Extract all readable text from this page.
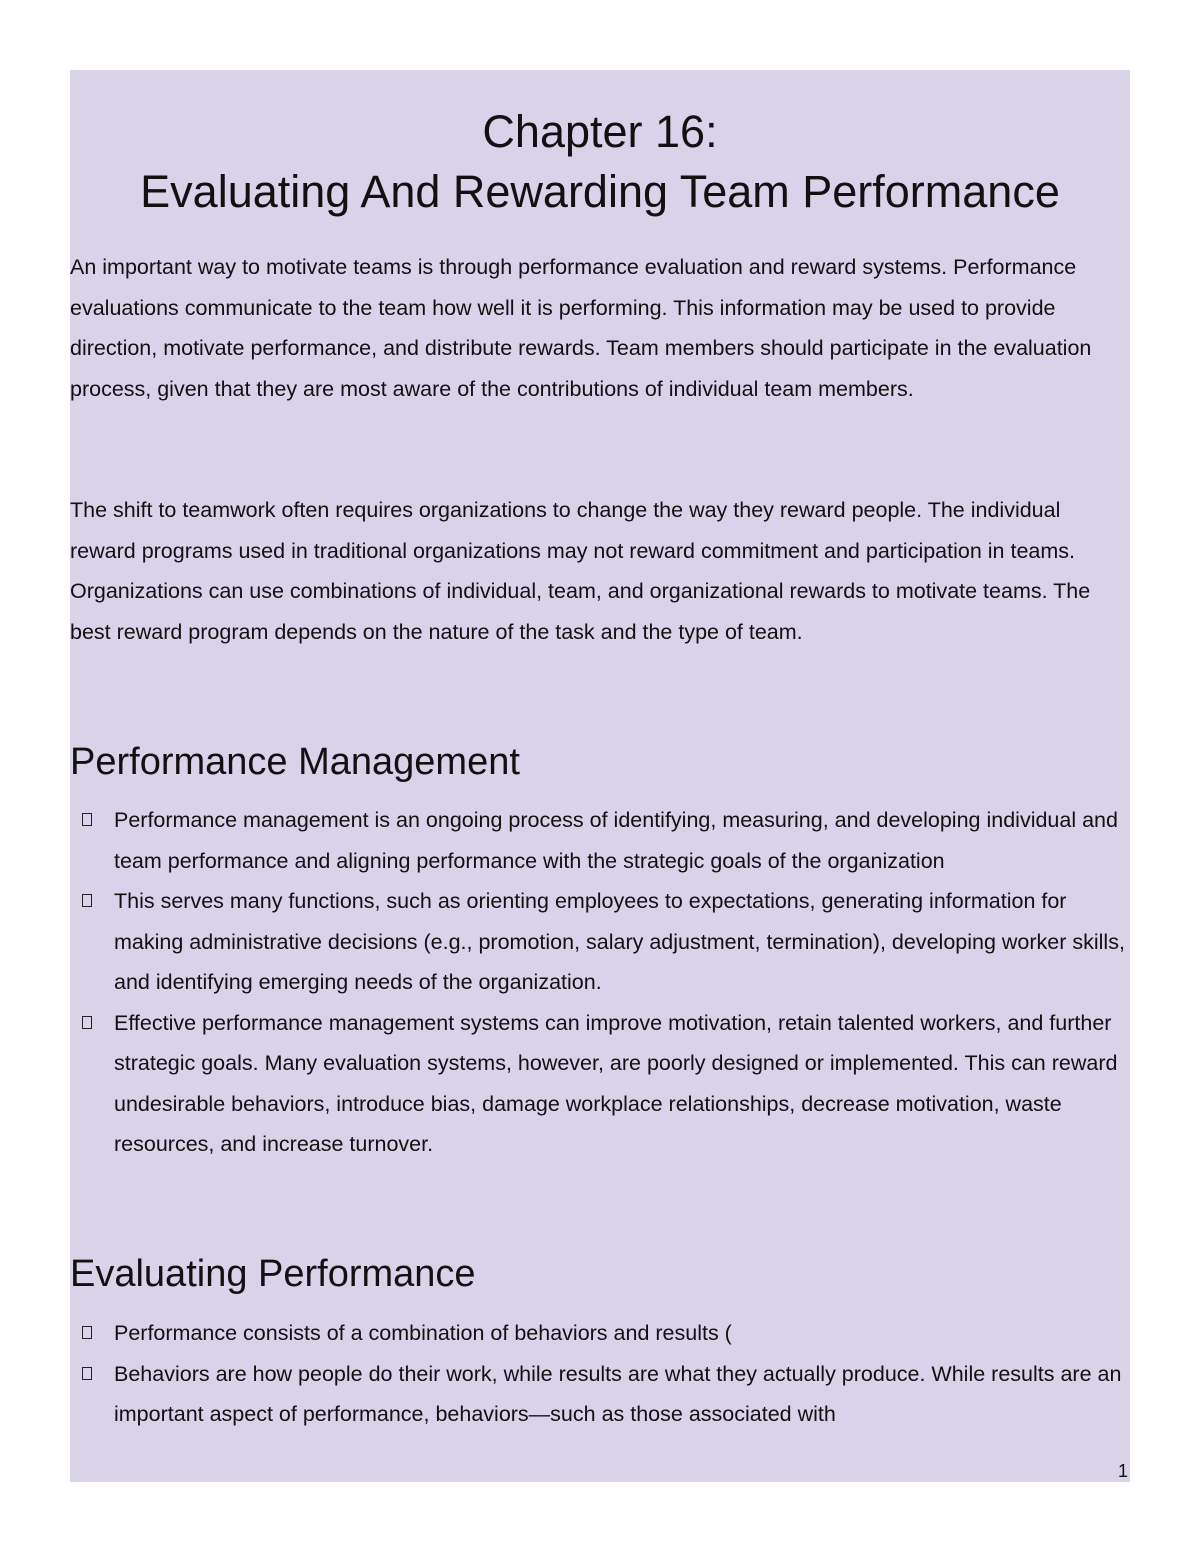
Chapter 16:
Evaluating And Rewarding Team Performance

An important way to motivate teams is through performance evaluation and reward systems. Performance evaluations communicate to the team how well it is performing. This information may be used to provide direction, motivate performance, and distribute rewards. Team members should participate in the evaluation process, given that they are most aware of the contributions of individual team members.

The shift to teamwork often requires organizations to change the way they reward people. The individual reward programs used in traditional organizations may not reward commitment and participation in teams. Organizations can use combinations of individual, team, and organizational rewards to motivate teams. The best reward program depends on the nature of the task and the type of team.

Performance Management
Performance management is an ongoing process of identifying, measuring, and developing individual and team performance and aligning performance with the strategic goals of the organization
This serves many functions, such as orienting employees to expectations, generating information for making administrative decisions (e.g., promotion, salary adjustment, termination), developing worker skills, and identifying emerging needs of the organization.
Effective performance management systems can improve motivation, retain talented workers, and further strategic goals. Many evaluation systems, however, are poorly designed or implemented. This can reward undesirable behaviors, introduce bias, damage workplace relationships, decrease motivation, waste resources, and increase turnover.
Evaluating Performance
Performance consists of a combination of behaviors and results (
Behaviors are how people do their work, while results are what they actually produce. While results are an important aspect of performance, behaviors—such as those associated with
1
